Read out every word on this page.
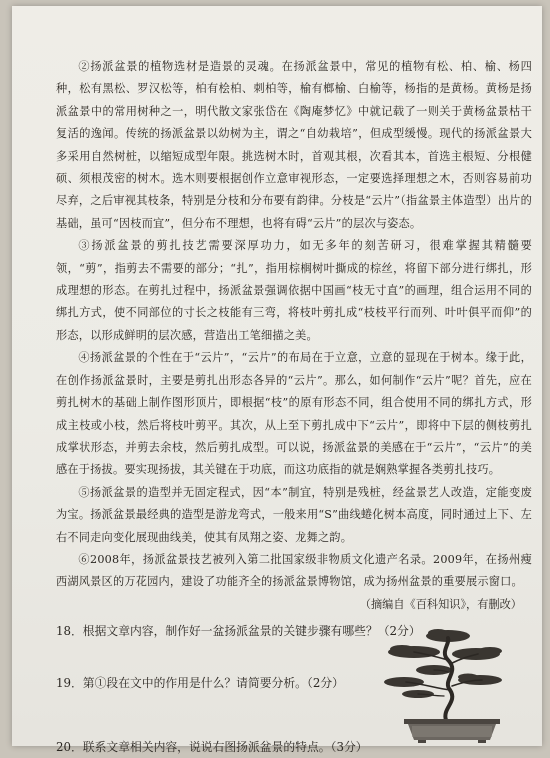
②扬派盆景的植物选材是造景的灵魂。在扬派盆景中，常见的植物有松、柏、榆、杨四种，松有黑松、罗汉松等，柏有桧柏、刺柏等，榆有榔榆、白榆等，杨指的是黄杨。黄杨是扬派盆景中的常用树种之一，明代散文家张岱在《陶庵梦忆》中就记载了一则关于黄杨盆景枯干复活的逸闻。传统的扬派盆景以幼树为主，谓之“自幼栽培”，但成型缓慢。现代的扬派盆景大多采用自然树桩，以缩短成型年限。挑选树木时，首观其根，次看其本，首选主根短、分根健硕、须根茂密的树木。选木则要根据创作立意审视形态，一定要选择理想之木，否则容易前功尽弃，之后审视其枝条，特别是分枝和分布要有韵律。分枝是“云片”（指盆景主体造型）出片的基础，虽可“因枝而宜”，但分布不理想，也将有碍“云片”的层次与姿态。

③扬派盆景的剪扎技艺需要深厚功力，如无多年的刻苦研习，很难掌握其精髓要领，“剪”，指剪去不需要的部分；“扎”，指用棕榈树叶撕成的棕丝，将留下部分进行绑扎，形成理想的形态。在剪扎过程中，扬派盆景强调依据中国画“枝无寸直”的画理，组合运用不同的绑扎方式，使不同部位的寸长之枝能有三弯，将枝叶剪扎成“枝枝平行而列、叶叶俱平而仰”的形态，以形成鲜明的层次感，营造出工笔细描之美。

④扬派盆景的个性在于“云片”，“云片”的布局在于立意，立意的显现在于树本。缘于此，在创作扬派盆景时，主要是剪扎出形态各异的“云片”。那么，如何制作“云片”呢？首先，应在剪扎树木的基础上制作图形顶片，即根据“枝”的原有形态不同，组合使用不同的绑扎方式，形成主枝或小枝，然后将枝叶剪平。其次，从上至下剪扎成中下“云片”，即将中下层的侧枝剪扎成掌状形态，并剪去余枝，然后剪扎成型。可以说，扬派盆景的美感在于“云片”，“云片”的美感在于扬拔。要实现扬拔，其关键在于功底，而这功底指的就是娴熟掌握各类剪扎技巧。

⑤扬派盆景的造型并无固定程式，因“本”制宜，特别是残桩，经盆景艺人改造，定能变废为宝。扬派盆景最经典的造型是游龙弯式，一般来用“S”曲线蜷化树本高度，同时通过上下、左右不同走向变化展现曲线美，使其有凤翔之姿、龙舞之韵。

⑥2008年，扬派盆景技艺被列入第二批国家级非物质文化遗产名录。2009年，在扬州瘦西湖风景区的万花园内，建设了功能齐全的扬派盆景博物馆，成为扬州盆景的重要展示窗口。

（摘编自《百科知识》，有删改）

18．根据文章内容，制作好一盆扬派盆景的关键步骤有哪些？（2分）

19．第①段在文中的作用是什么？请简要分析。（2分）

20．联系文章相关内容，说说右图扬派盆景的特点。（3分）
